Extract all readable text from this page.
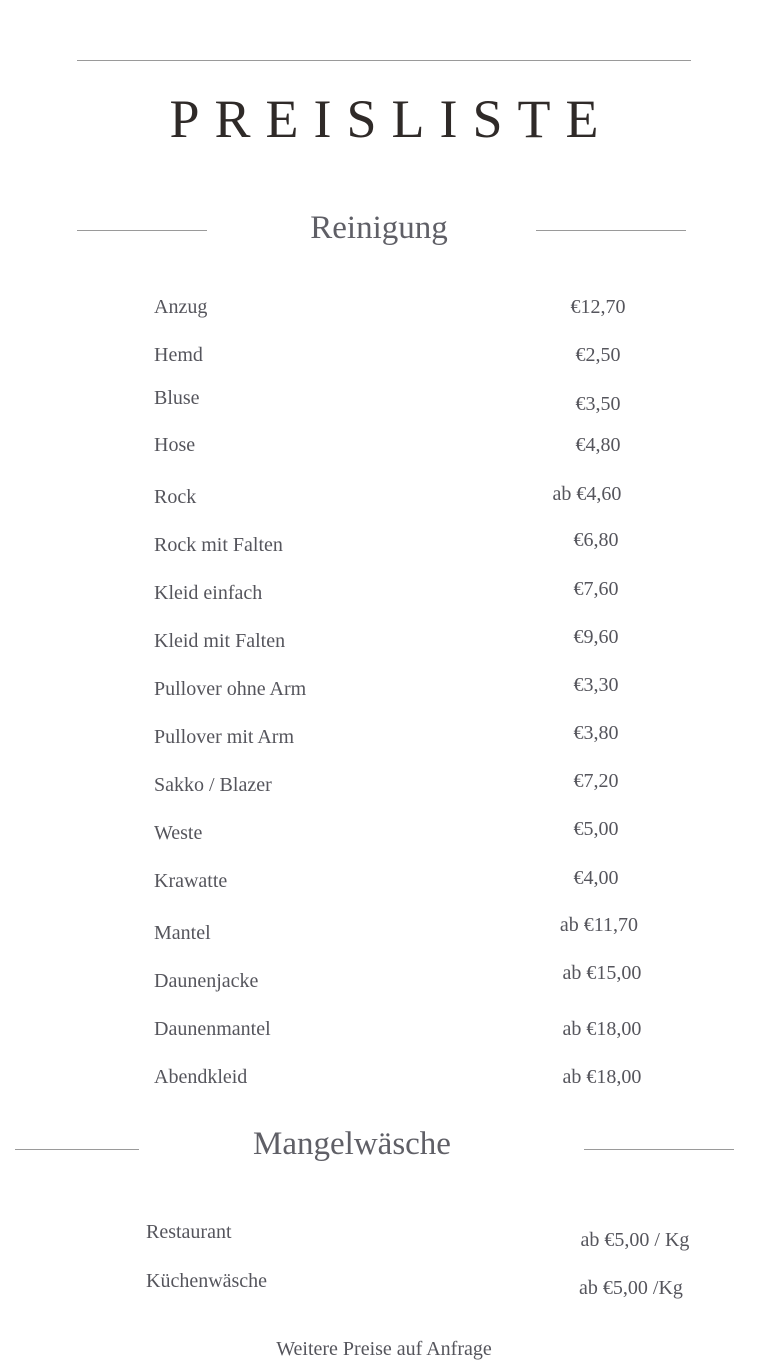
PREISLISTE
Reinigung
Anzug	€12,70
Hemd	€2,50
Bluse	€3,50
Hose	€4,80
Rock	ab €4,60
Rock mit Falten	€6,80
Kleid einfach	€7,60
Kleid mit Falten	€9,60
Pullover ohne Arm	€3,30
Pullover mit Arm	€3,80
Sakko / Blazer	€7,20
Weste	€5,00
Krawatte	€4,00
Mantel	ab €11,70
Daunenjacke	ab €15,00
Daunenmantel	ab €18,00
Abendkleid	ab €18,00
Mangelwäsche
Restaurant	ab €5,00 / Kg
Küchenwäsche	ab €5,00 /Kg
Weitere Preise auf Anfrage
